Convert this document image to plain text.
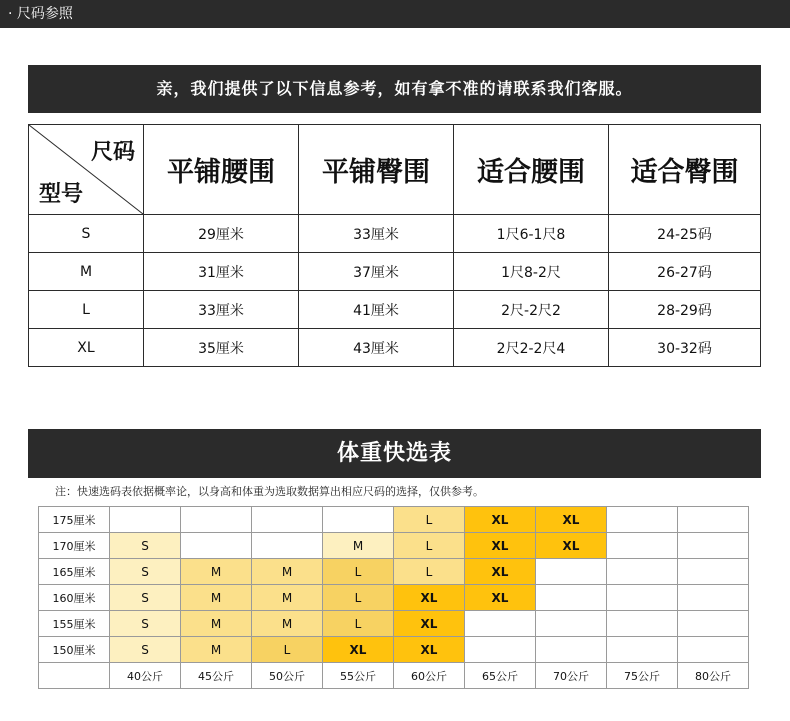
· 尺码参照
亲，我们提供了以下信息参考，如有拿不准的请联系我们客服。
尺码
型号	平铺腰围	平铺臀围	适合腰围	适合臀围
S	29厘米	33厘米	1尺6-1尺8	24-25码
M	31厘米	37厘米	1尺8-2尺	26-27码
L	33厘米	41厘米	2尺-2尺2	28-29码
XL	35厘米	43厘米	2尺2-2尺4	30-32码
体重快选表
注：快速选码表依据概率论，以身高和体重为选取数据算出相应尺码的选择，仅供参考。
175厘米					L	XL	XL		
170厘米	S			M	L	XL	XL		
165厘米	S	M	M	L	L	XL			
160厘米	S	M	M	L	XL	XL			
155厘米	S	M	M	L	XL				
150厘米	S	M	L	XL	XL				
	40公斤	45公斤	50公斤	55公斤	60公斤	65公斤	70公斤	75公斤	80公斤
